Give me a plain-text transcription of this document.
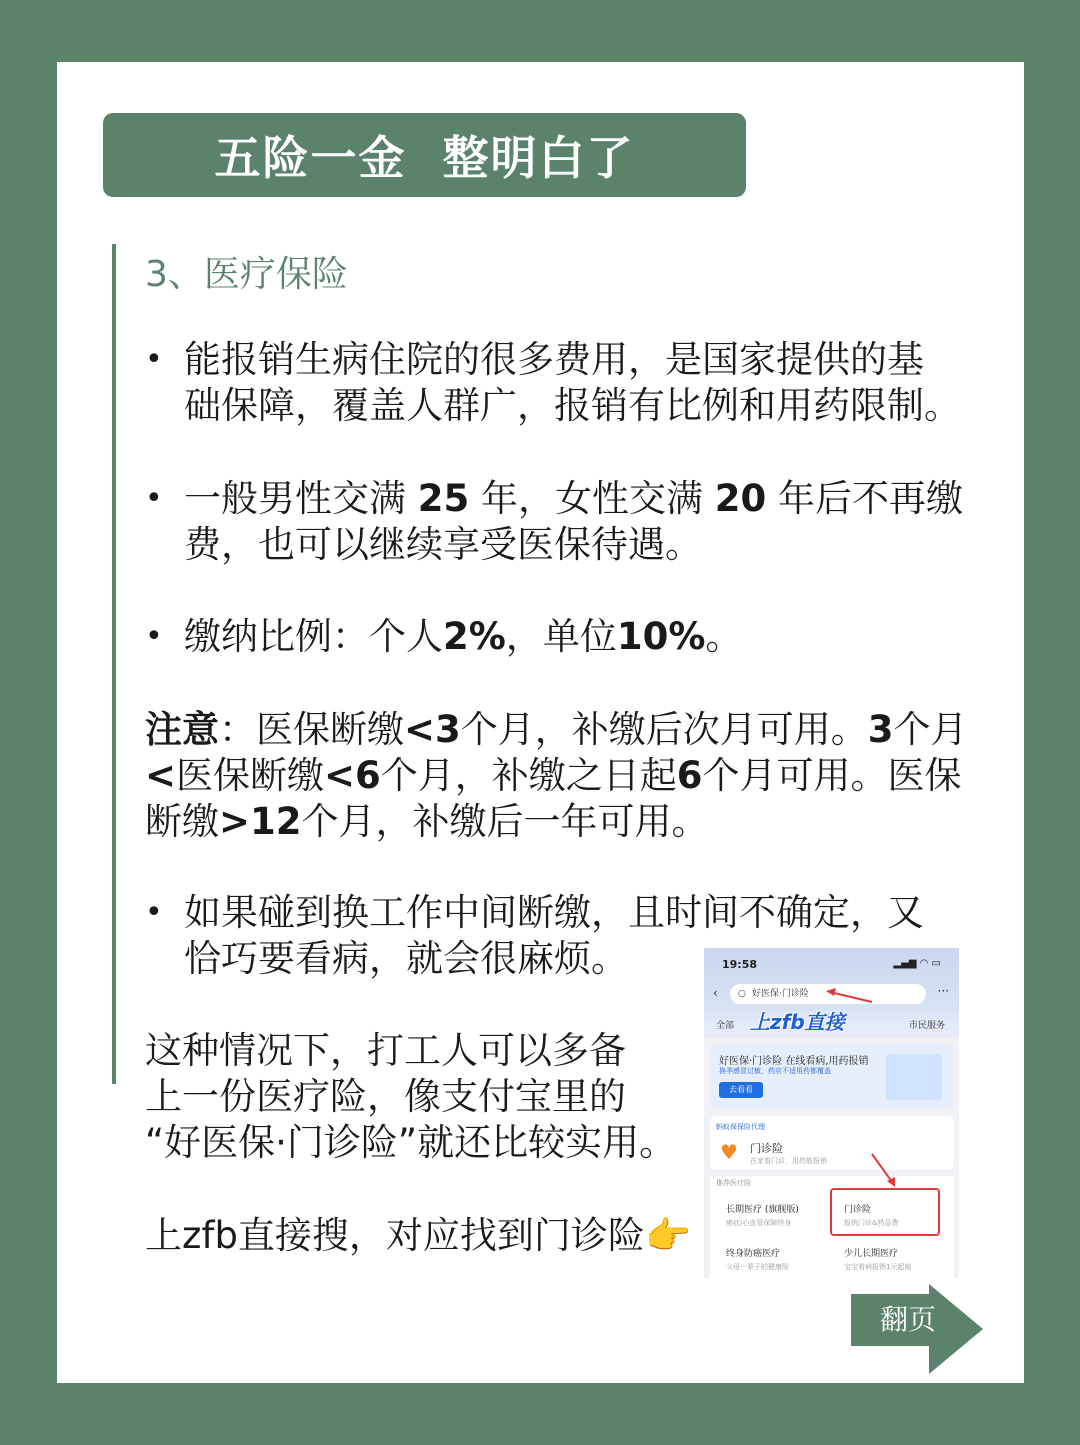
五险一金  整明白了
3、医疗保险
• 能报销生病住院的很多费用，是国家提供的基
础保障，覆盖人群广，报销有比例和用药限制。
• 一般男性交满 25 年，女性交满 20 年后不再缴
费，也可以继续享受医保待遇。
• 缴纳比例：个人2%，单位10%。
注意：医保断缴<3个月，补缴后次月可用。3个月
<医保断缴<6个月，补缴之日起6个月可用。医保
断缴>12个月，补缴后一年可用。
• 如果碰到换工作中间断缴，且时间不确定，又
恰巧要看病，就会很麻烦。
这种情况下，打工人可以多备
上一份医疗险，像支付宝里的
“好医保·门诊险”就还比较实用。
上zfb直接搜，对应找到门诊险👉
19:58	▂▄▆ ◠ ▭
‹ ○ 好医保·门诊险	···
全部	市民服务
上zfb直接
好医保·门诊险 在线看病,用药报销
换季感冒过敏，药店不适用药都覆盖
去看看
♥ 门诊险
在家看门诊，用药能报销
蚂蚁保保险代理
推荐医疗险
长期医疗 (旗舰版)
癌症/心血管保障终身
门诊险
报销门诊&药品费
终身防癌医疗
父母一辈子的健康险
少儿长期医疗
宝宝看病报销1元起赔
翻页
